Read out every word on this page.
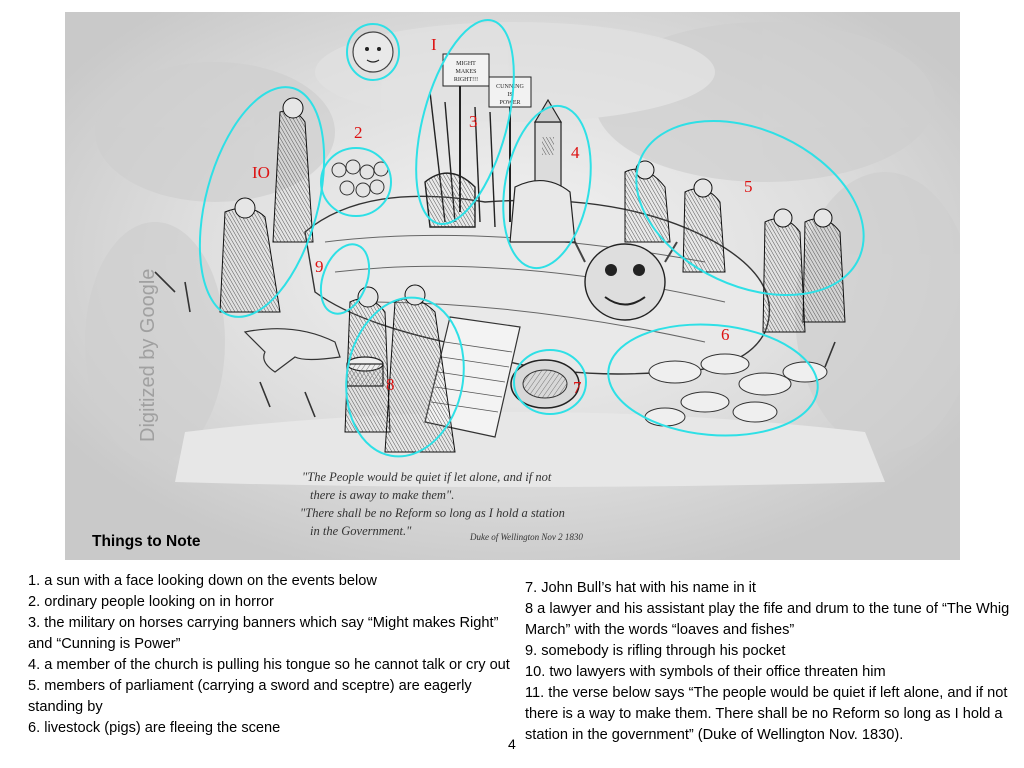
MIGHT
MAKES
RIGHT!!!
CUNNING
IS
POWER
I
2
3
4
5
6
7
8
9
IO
Digitized by Google
"The People would be quiet if let alone, and if not
there is away to make them".
"There shall be no Reform so long as I hold a station
in the Government."	Duke of Wellington Nov 2 1830
Things to Note

1. a sun with a face looking down on the events below

2. ordinary people looking on in horror

3. the military on horses carrying banners which say “Might makes Right” and “Cunning is Power”

4. a member of the church is pulling his tongue so he cannot talk or cry out

5. members of parliament (carrying a sword and sceptre) are eagerly standing by

6. livestock (pigs) are fleeing the scene

7. John Bull’s hat with his name in it

8 a lawyer and his assistant play the fife and drum to the tune of “The Whig March” with the words “loaves and fishes”

9. somebody is rifling through his pocket

10. two lawyers with symbols of their office threaten him

11. the verse below says “The people would be quiet if left alone, and if not there is a way to make them. There shall be no Reform so long as I hold a station in the government” (Duke of Wellington Nov. 1830).

4
